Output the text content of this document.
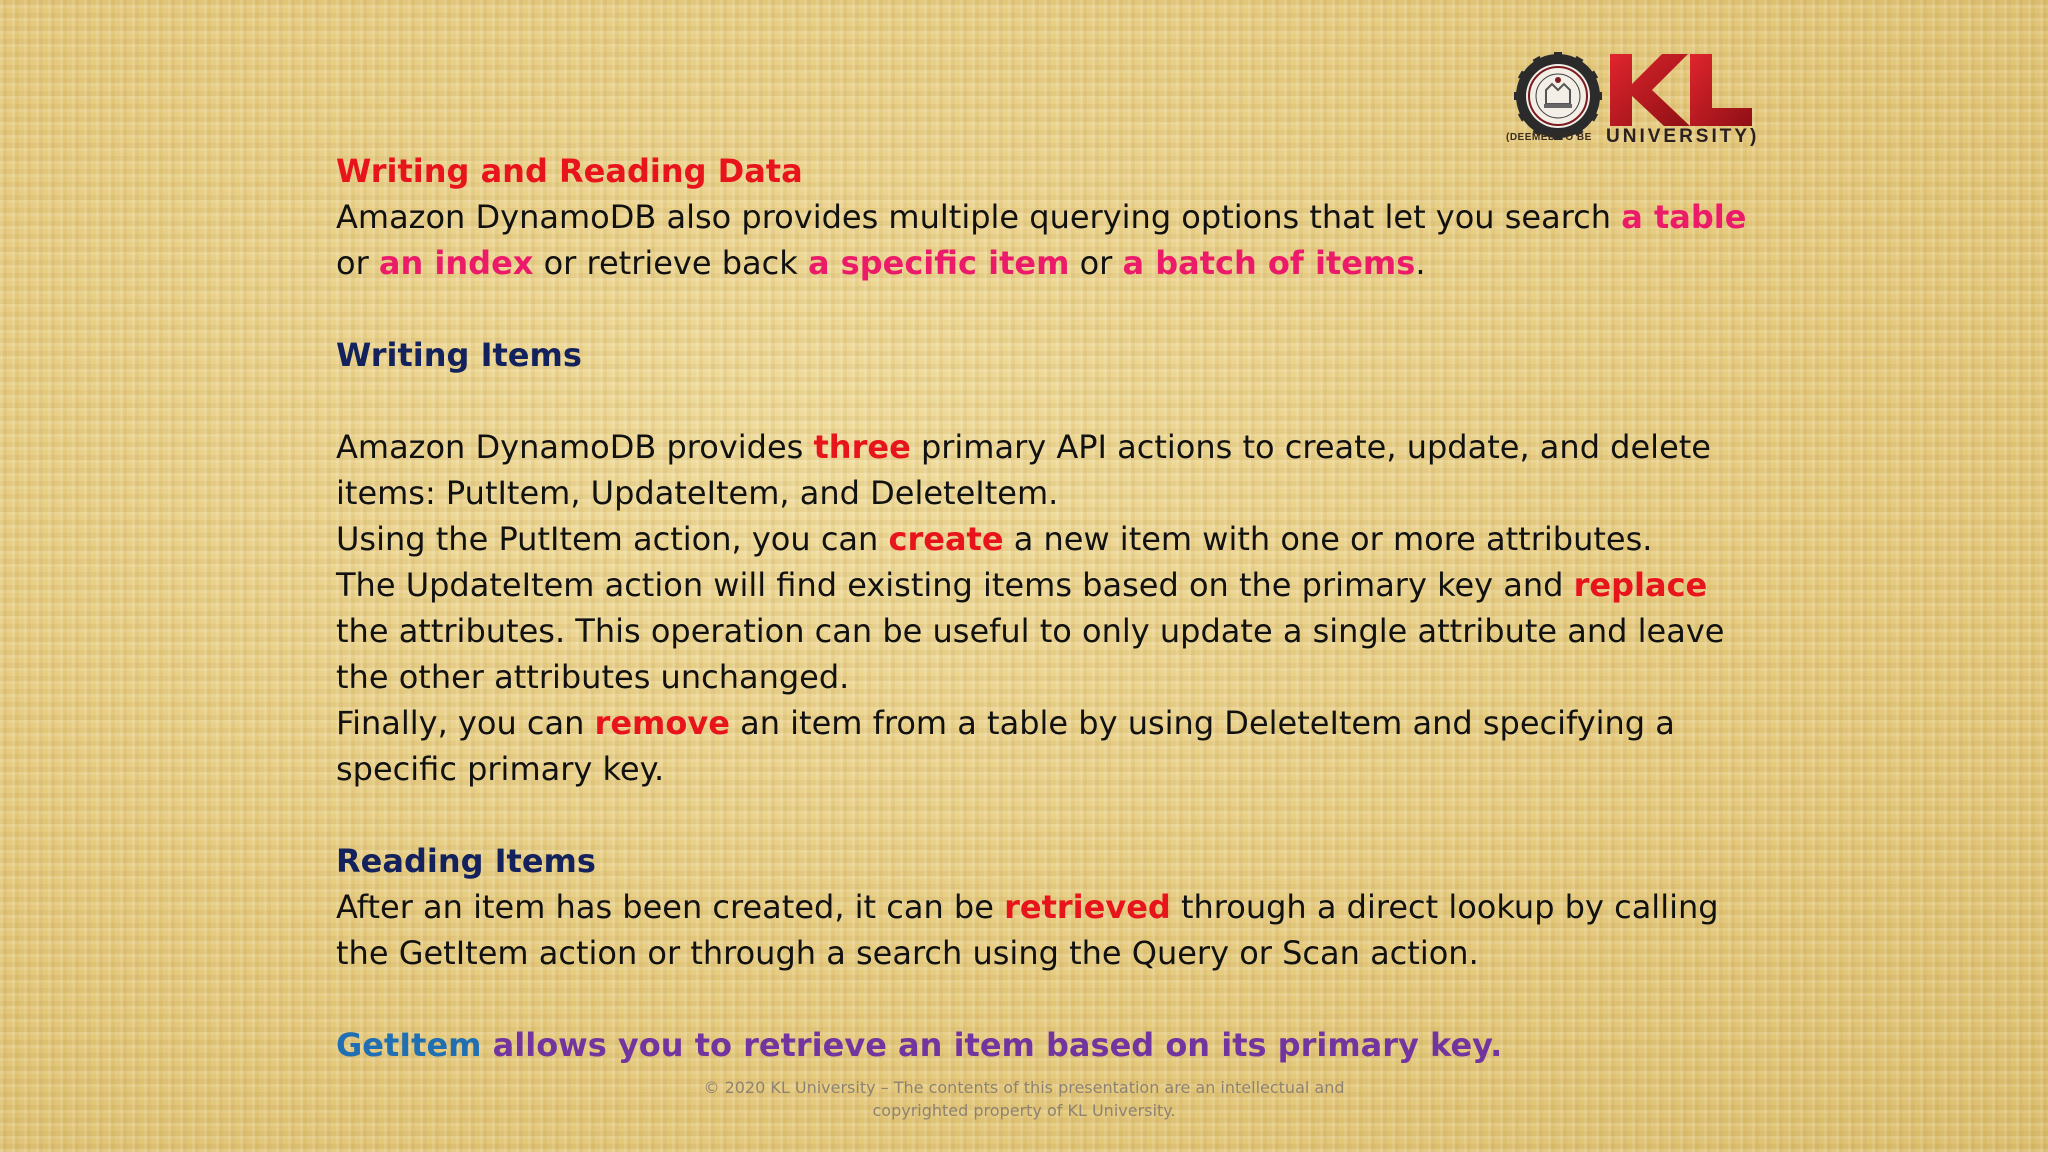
(DEEMED TO BE UNIVERSITY)
Writing and Reading Data
Amazon DynamoDB also provides multiple querying options that let you search a table
or an index or retrieve back a specific item or a batch of items.
Writing Items
Amazon DynamoDB provides three primary API actions to create, update, and delete
items: PutItem, UpdateItem, and DeleteItem.
Using the PutItem action, you can create a new item with one or more attributes.
The UpdateItem action will find existing items based on the primary key and replace
the attributes. This operation can be useful to only update a single attribute and leave
the other attributes unchanged.
Finally, you can remove an item from a table by using DeleteItem and specifying a
specific primary key.
Reading Items
After an item has been created, it can be retrieved through a direct lookup by calling
the GetItem action or through a search using the Query or Scan action.
GetItem allows you to retrieve an item based on its primary key.
© 2020 KL University – The contents of this presentation are an intellectual and
copyrighted property of KL University.
